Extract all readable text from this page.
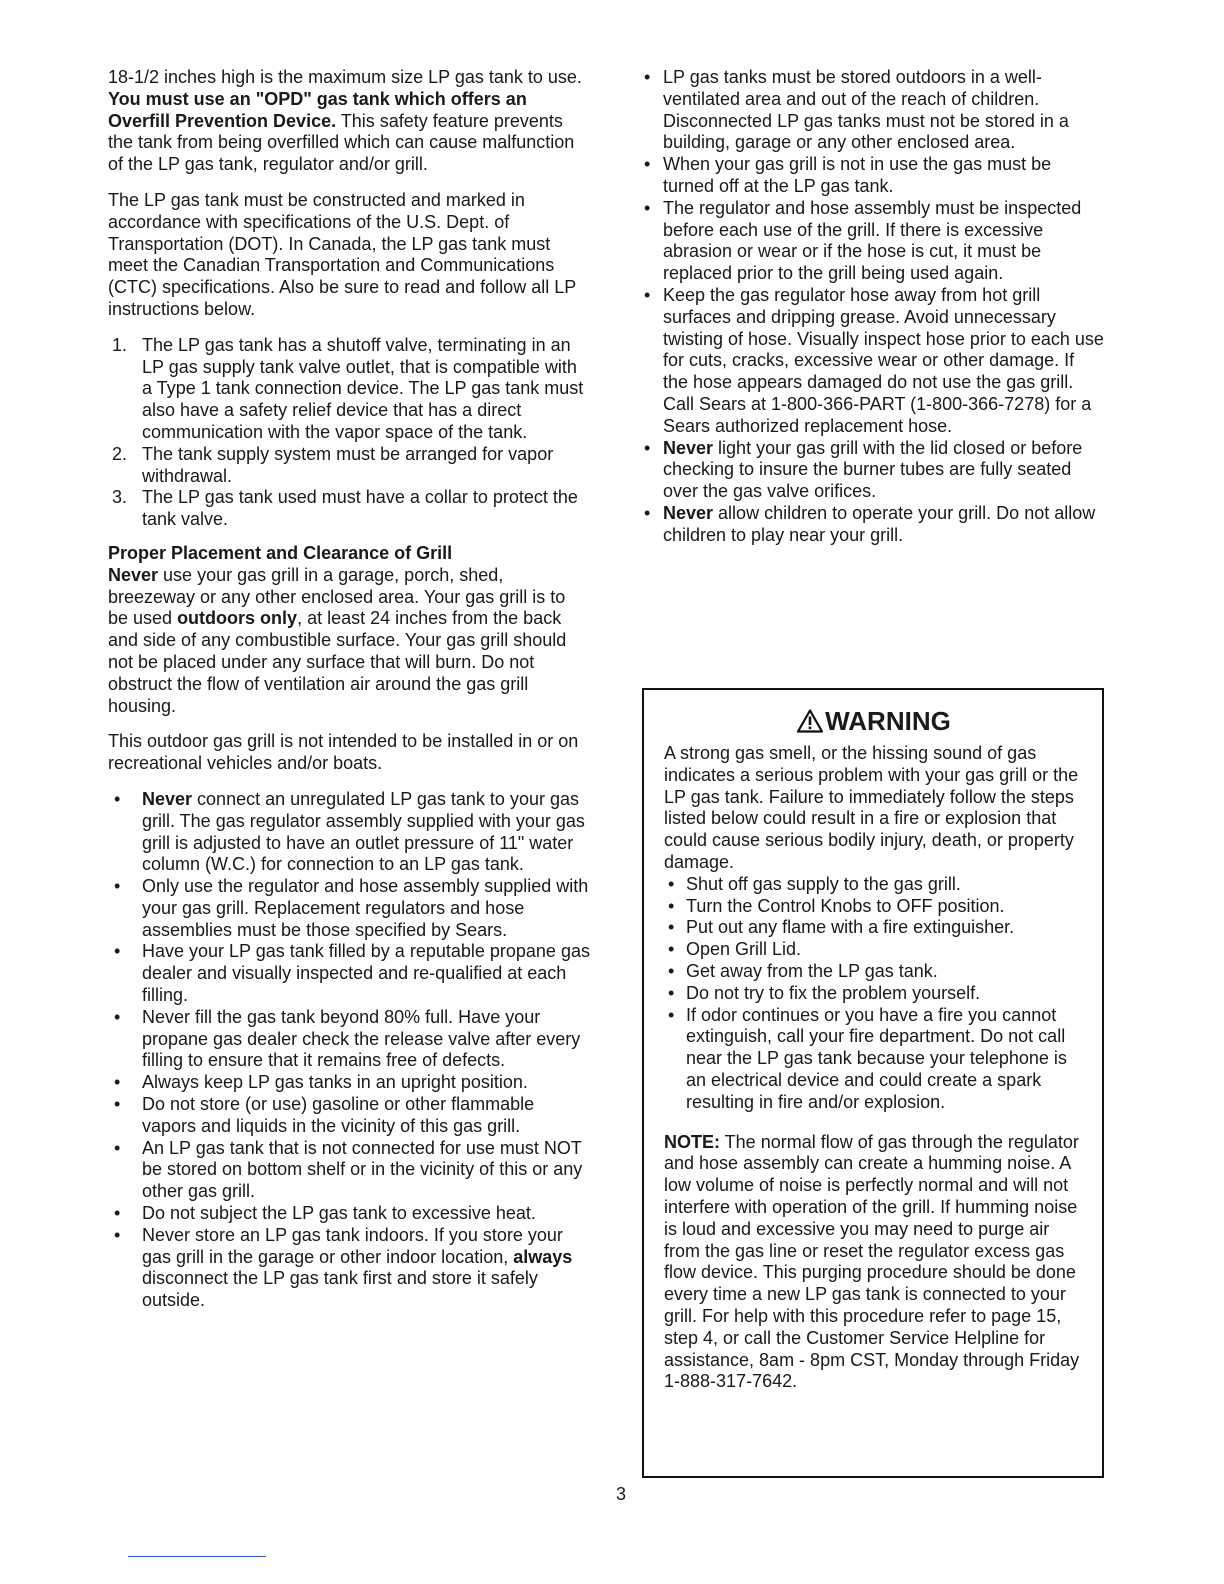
18-1/2 inches high is the maximum size LP gas tank to use. You must use an "OPD" gas tank which offers an Overfill Prevention Device. This safety feature prevents the tank from being overfilled which can cause malfunction of the LP gas tank, regulator and/or grill.

The LP gas tank must be constructed and marked in accordance with specifications of the U.S. Dept. of Transportation (DOT). In Canada, the LP gas tank must meet the Canadian Transportation and Communications (CTC) specifications. Also be sure to read and follow all LP instructions below.

1. The LP gas tank has a shutoff valve, terminating in an LP gas supply tank valve outlet, that is compatible with a Type 1 tank connection device. The LP gas tank must also have a safety relief device that has a direct communication with the vapor space of the tank.
2. The tank supply system must be arranged for vapor withdrawal.
3. The LP gas tank used must have a collar to protect the tank valve.

Proper Placement and Clearance of Grill

Never use your gas grill in a garage, porch, shed, breezeway or any other enclosed area. Your gas grill is to be used outdoors only, at least 24 inches from the back and side of any combustible surface. Your gas grill should not be placed under any surface that will burn. Do not obstruct the flow of ventilation air around the gas grill housing.

This outdoor gas grill is not intended to be installed in or on recreational vehicles and/or boats.

• Never connect an unregulated LP gas tank to your gas grill. The gas regulator assembly supplied with your gas grill is adjusted to have an outlet pressure of 11" water column (W.C.) for connection to an LP gas tank.
• Only use the regulator and hose assembly supplied with your gas grill. Replacement regulators and hose assemblies must be those specified by Sears.
• Have your LP gas tank filled by a reputable propane gas dealer and visually inspected and re-qualified at each filling.
• Never fill the gas tank beyond 80% full. Have your propane gas dealer check the release valve after every filling to ensure that it remains free of defects.
• Always keep LP gas tanks in an upright position.
• Do not store (or use) gasoline or other flammable vapors and liquids in the vicinity of this gas grill.
• An LP gas tank that is not connected for use must NOT be stored on bottom shelf or in the vicinity of this or any other gas grill.
• Do not subject the LP gas tank to excessive heat.
• Never store an LP gas tank indoors. If you store your gas grill in the garage or other indoor location, always disconnect the LP gas tank first and store it safely outside.
• LP gas tanks must be stored outdoors in a well-ventilated area and out of the reach of children. Disconnected LP gas tanks must not be stored in a building, garage or any other enclosed area.
• When your gas grill is not in use the gas must be turned off at the LP gas tank.
• The regulator and hose assembly must be inspected before each use of the grill. If there is excessive abrasion or wear or if the hose is cut, it must be replaced prior to the grill being used again.
• Keep the gas regulator hose away from hot grill surfaces and dripping grease. Avoid unnecessary twisting of hose. Visually inspect hose prior to each use for cuts, cracks, excessive wear or other damage. If the hose appears damaged do not use the gas grill. Call Sears at 1-800-366-PART (1-800-366-7278) for a Sears authorized replacement hose.
• Never light your gas grill with the lid closed or before checking to insure the burner tubes are fully seated over the gas valve orifices.
• Never allow children to operate your grill. Do not allow children to play near your grill.
WARNING

A strong gas smell, or the hissing sound of gas indicates a serious problem with your gas grill or the LP gas tank. Failure to immediately follow the steps listed below could result in a fire or explosion that could cause serious bodily injury, death, or property damage.

• Shut off gas supply to the gas grill.
• Turn the Control Knobs to OFF position.
• Put out any flame with a fire extinguisher.
• Open Grill Lid.
• Get away from the LP gas tank.
• Do not try to fix the problem yourself.
• If odor continues or you have a fire you cannot extinguish, call your fire department. Do not call near the LP gas tank because your telephone is an electrical device and could create a spark resulting in fire and/or explosion.

NOTE: The normal flow of gas through the regulator and hose assembly can create a humming noise. A low volume of noise is perfectly normal and will not interfere with operation of the grill. If humming noise is loud and excessive you may need to purge air from the gas line or reset the regulator excess gas flow device. This purging procedure should be done every time a new LP gas tank is connected to your grill. For help with this procedure refer to page 15, step 4, or call the Customer Service Helpline for assistance, 8am - 8pm CST, Monday through Friday 1-888-317-7642.

3
